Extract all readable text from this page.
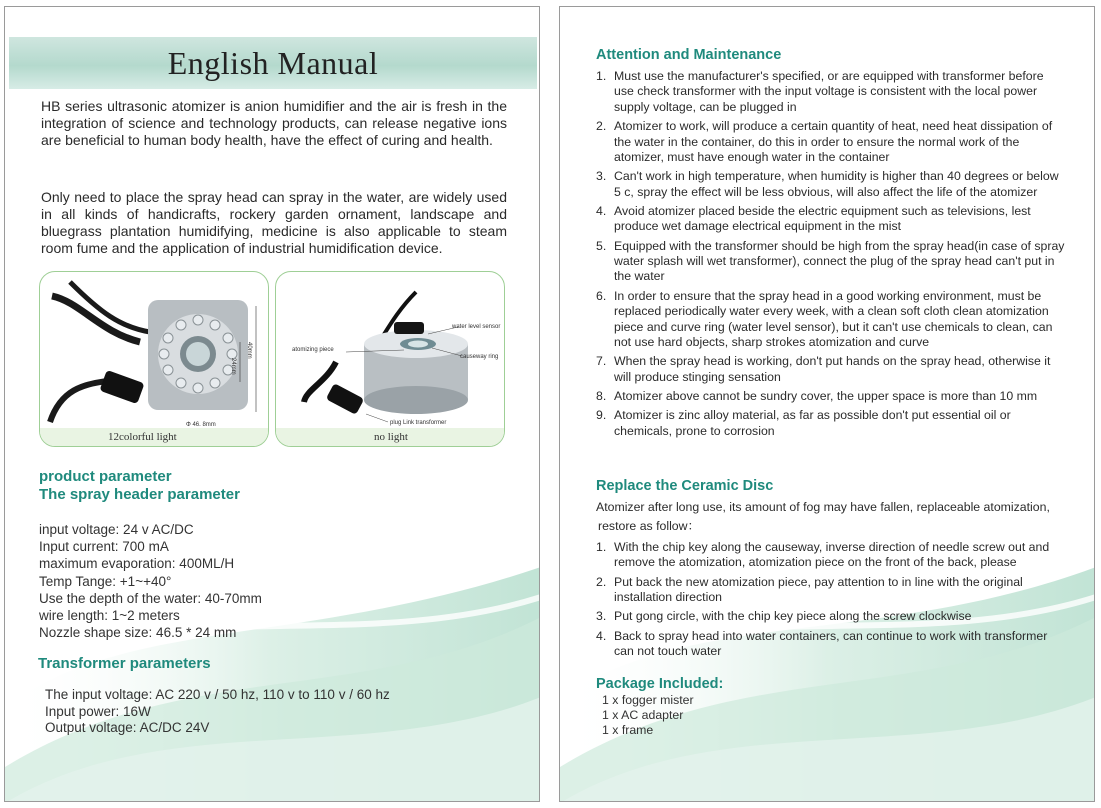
English Manual

HB series ultrasonic atomizer is anion humidifier and the air is fresh in the integration of science and technology products, can release negative ions are beneficial to human body health, have the effect of curing and health.

Only need to place the spray head can spray in the water, are widely used in all kinds of handicrafts, rockery garden ornament, landscape and bluegrass plantation humidifying, medicine is also applicable to steam room fume and the application of industrial humidification device.

40mm
24mm
Φ 46. 8mm
12colorful light
atomizing piece
water level sensor
causeway ring
plug Link transformer
no light
product parameter
The spray header parameter
input voltage: 24 v AC/DC
Input current: 700 mA
maximum evaporation: 400ML/H
Temp Tange: +1~+40°
Use the depth of the water: 40-70mm
wire length: 1~2 meters
Nozzle shape size: 46.5 * 24 mm
Transformer parameters
The input voltage: AC 220 v / 50 hz, 110 v to 110 v / 60 hz
Input power: 16W
Output voltage: AC/DC 24V
Attention and Maintenance
1. Must use the manufacturer's specified, or are equipped with transformer before use check transformer with the input voltage is consistent with the local power supply voltage, can be plugged in
2. Atomizer to work, will produce a certain quantity of heat, need heat dissipation of the water in the container, do this in order to ensure the normal work of the atomizer, must have enough water in the container
3. Can't work in high temperature, when humidity is higher than 40 degrees or below 5 c, spray the effect will be less obvious, will also affect the life of the atomizer
4. Avoid atomizer placed beside the electric equipment such as televisions, lest produce wet damage electrical equipment in the mist
5. Equipped with the transformer should be high from the spray head(in case of spray water splash will wet transformer), connect the plug of the spray head can't put in the water
6. In order to ensure that the spray head in a good working environment, must be replaced periodically water every week, with a clean soft cloth clean atomization piece and curve ring (water level sensor), but it can't use chemicals to clean, can not use hard objects, sharp strokes atomization and curve
7. When the spray head is working, don't put hands on the spray head, otherwise it will produce stinging sensation
8. Atomizer above cannot be sundry cover, the upper space is more than 10 mm
9. Atomizer is zinc alloy material, as far as possible don't put essential oil or chemicals, prone to corrosion
Replace the Ceramic Disc

Atomizer after long use, its amount of fog may have fallen, replaceable atomization,

restore as follow：

1. With the chip key along the causeway, inverse direction of needle screw out and remove the atomization, atomization piece on the front of the back, please
2. Put back the new atomization piece, pay attention to in line with the original installation direction
3. Put gong circle, with the chip key piece along the screw clockwise
4. Back to spray head into water containers, can continue to work with transformer can not touch water
Package Included:
1 x fogger mister
1 x AC adapter
1 x frame
